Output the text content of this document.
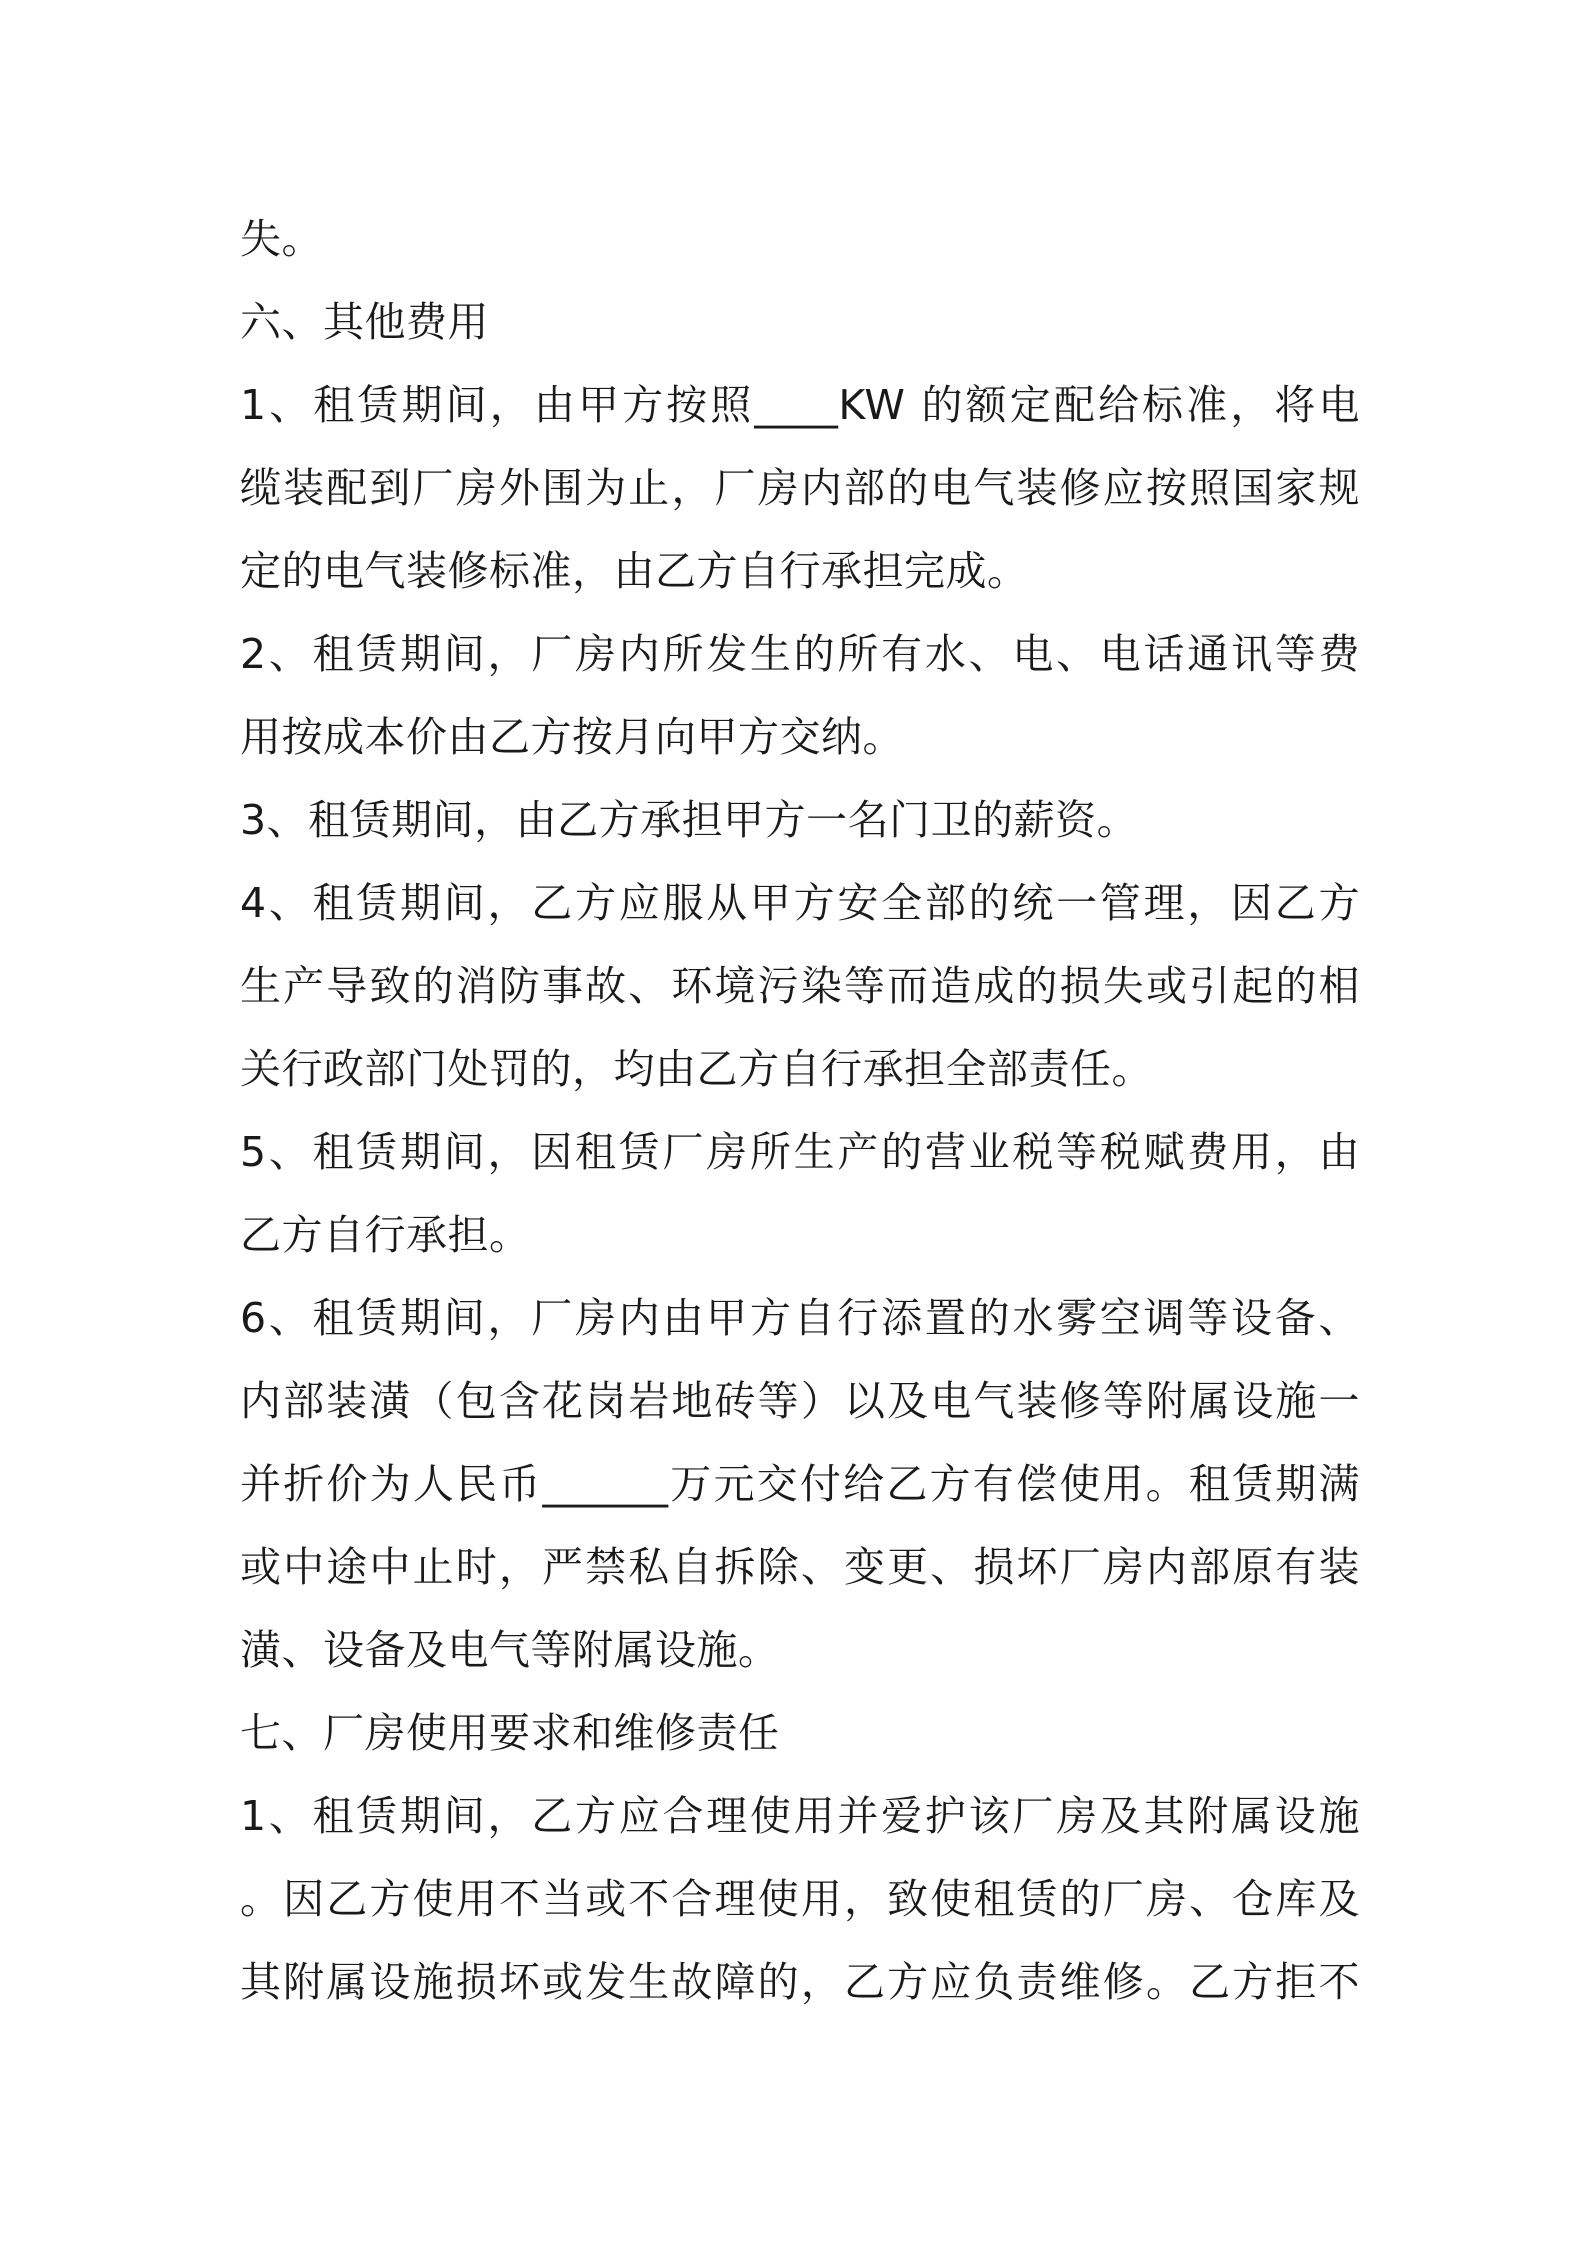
失。
六、其他费用
1、租赁期间，由甲方按照____KW 的额定配给标准，将电
缆装配到厂房外围为止，厂房内部的电气装修应按照国家规
定的电气装修标准，由乙方自行承担完成。
2、租赁期间，厂房内所发生的所有水、电、电话通讯等费
用按成本价由乙方按月向甲方交纳。
3、租赁期间，由乙方承担甲方一名门卫的薪资。
4、租赁期间，乙方应服从甲方安全部的统一管理，因乙方
生产导致的消防事故、环境污染等而造成的损失或引起的相
关行政部门处罚的，均由乙方自行承担全部责任。
5、租赁期间，因租赁厂房所生产的营业税等税赋费用，由
乙方自行承担。
6、租赁期间，厂房内由甲方自行添置的水雾空调等设备、
内部装潢（包含花岗岩地砖等）以及电气装修等附属设施一
并折价为人民币______万元交付给乙方有偿使用。租赁期满
或中途中止时，严禁私自拆除、变更、损坏厂房内部原有装
潢、设备及电气等附属设施。
七、厂房使用要求和维修责任
1、租赁期间，乙方应合理使用并爱护该厂房及其附属设施
。因乙方使用不当或不合理使用，致使租赁的厂房、仓库及
其附属设施损坏或发生故障的，乙方应负责维修。乙方拒不
